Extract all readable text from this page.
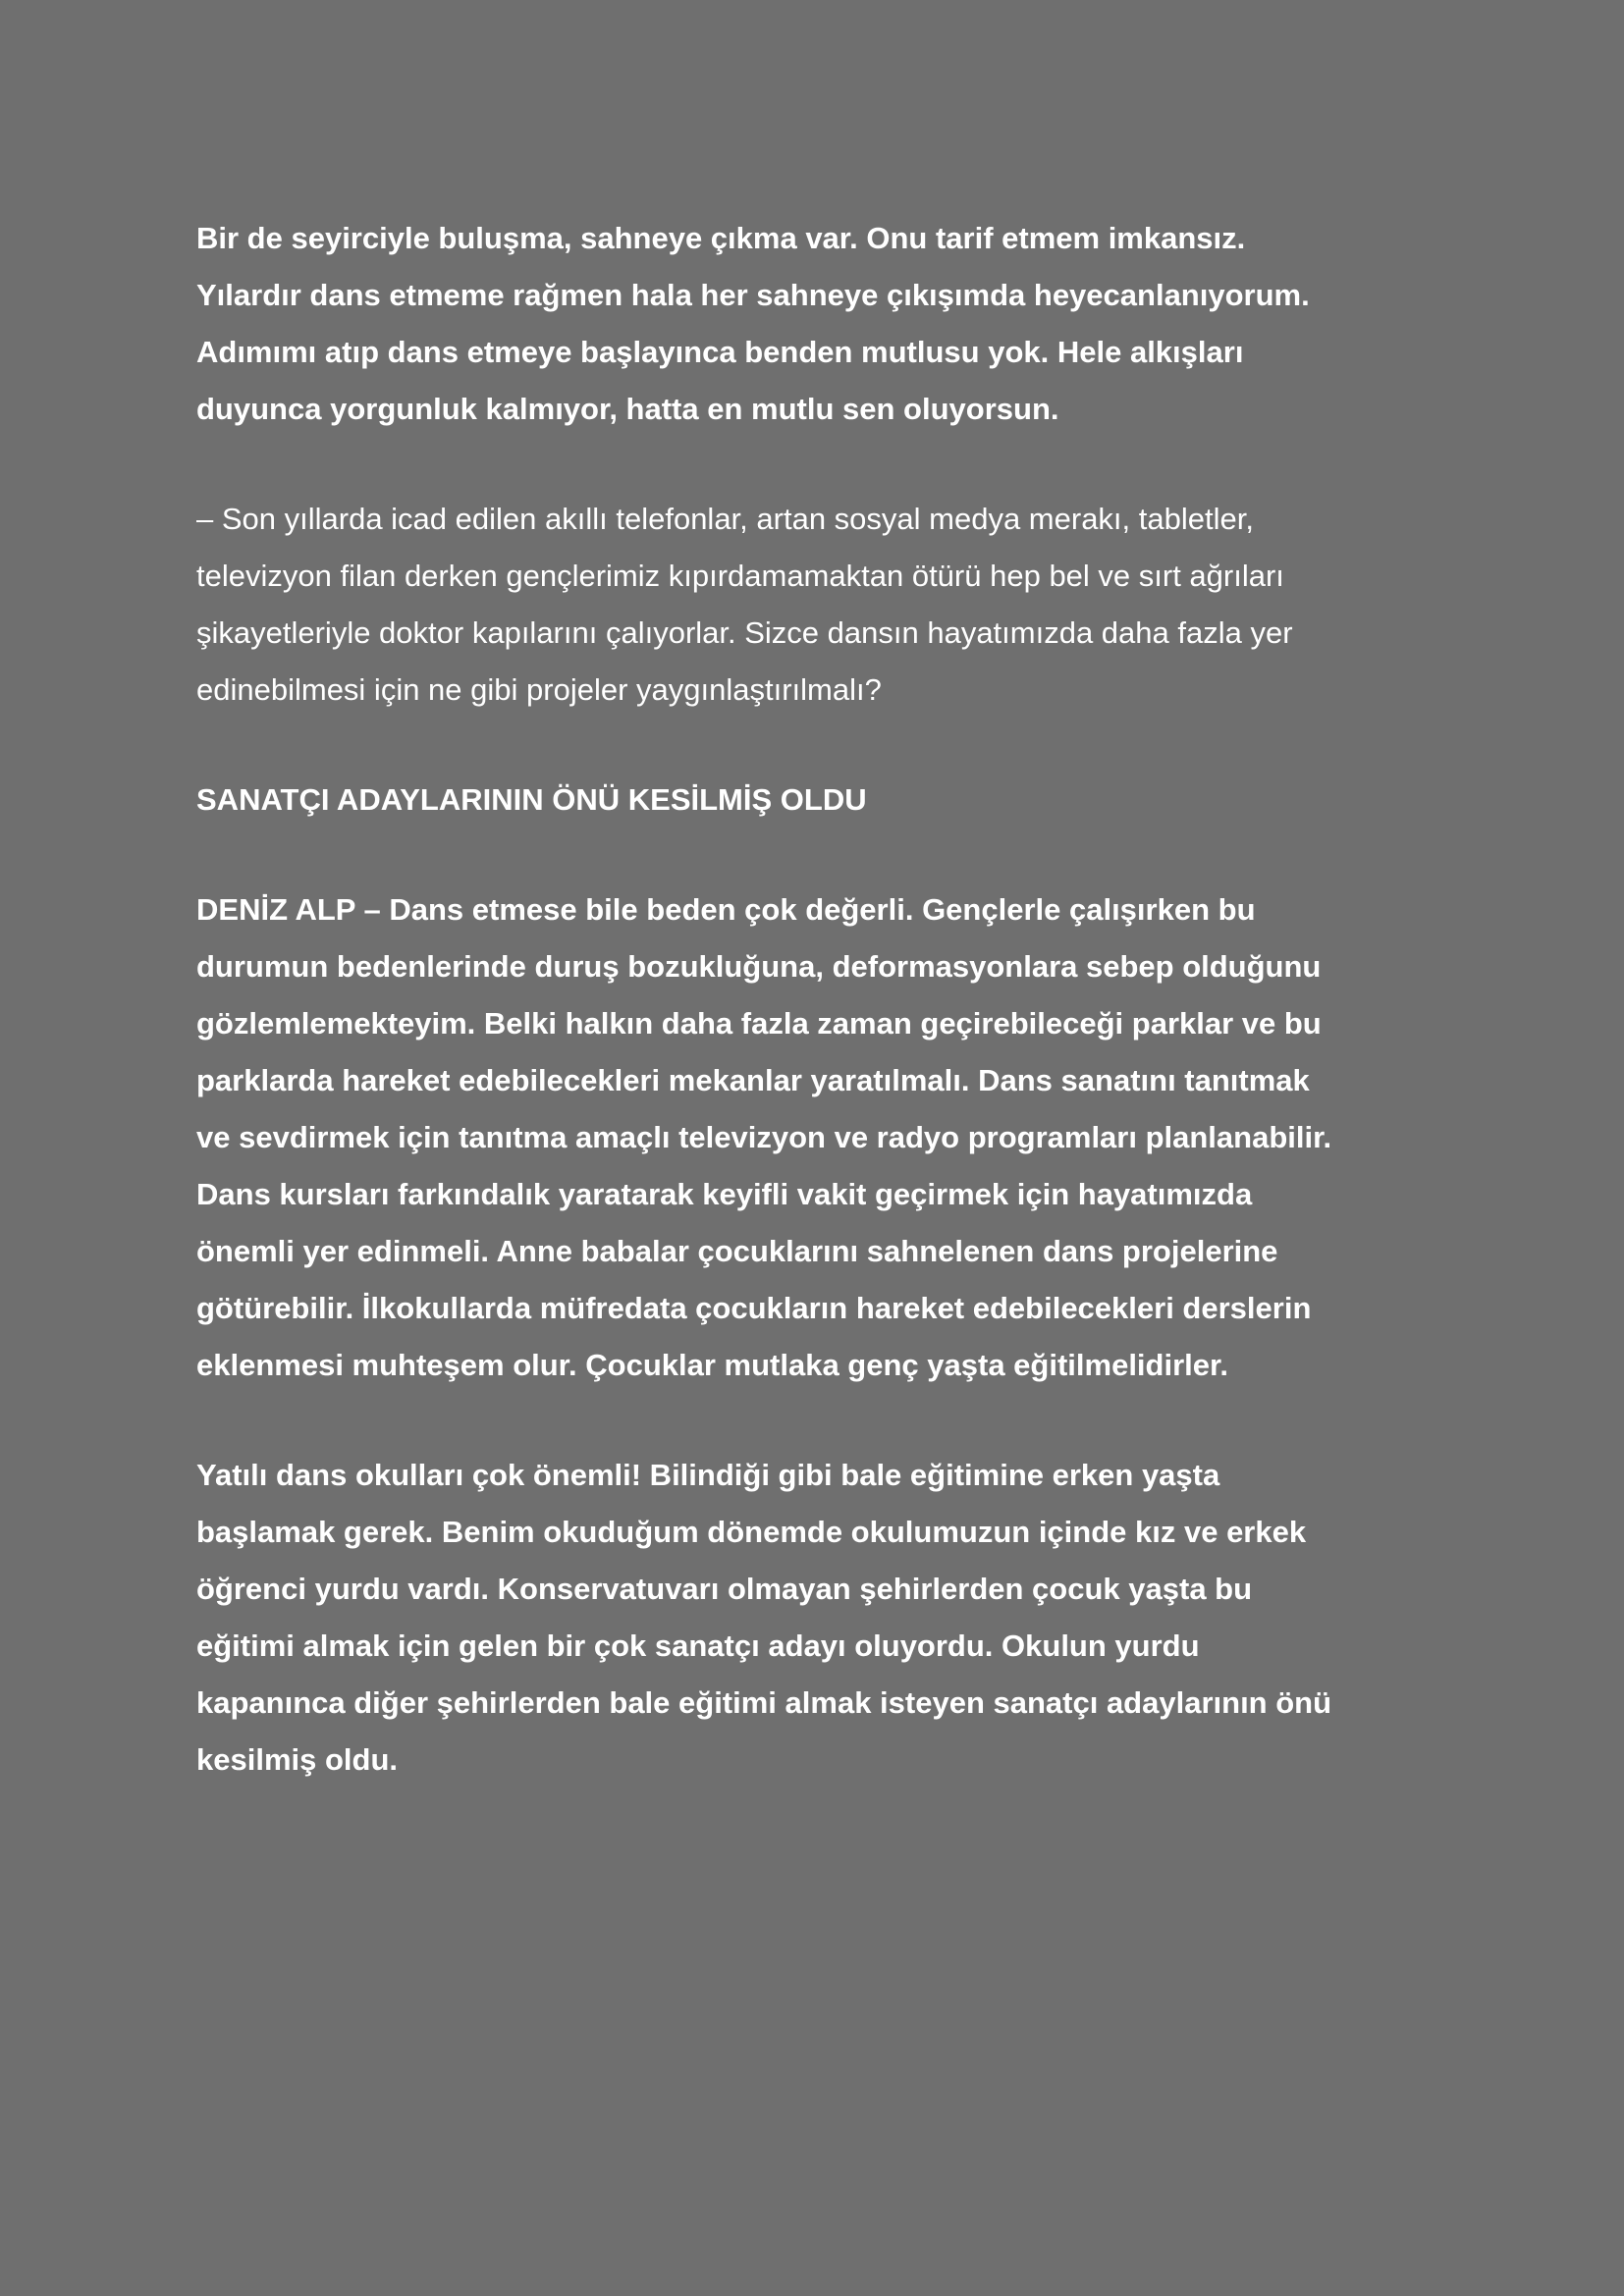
Bir de seyirciyle buluşma, sahneye çıkma var. Onu tarif etmem imkansız.
Yılardır dans etmeme rağmen hala her sahneye çıkışımda heyecanlanıyorum.
Adımımı atıp dans etmeye başlayınca benden mutlusu yok. Hele alkışları
duyunca yorgunluk kalmıyor, hatta en mutlu sen oluyorsun.

– Son yıllarda icad edilen akıllı telefonlar, artan sosyal medya merakı, tabletler,
televizyon filan derken gençlerimiz kıpırdamamaktan ötürü hep bel ve sırt ağrıları
şikayetleriyle doktor kapılarını çalıyorlar. Sizce dansın hayatımızda daha fazla yer
edinebilmesi için ne gibi projeler yaygınlaştırılmalı?

SANATÇI ADAYLARININ ÖNÜ KESİLMİŞ OLDU

DENİZ ALP – Dans etmese bile beden çok değerli. Gençlerle çalışırken bu
durumun bedenlerinde duruş bozukluğuna, deformasyonlara sebep olduğunu
gözlemlemekteyim. Belki halkın daha fazla zaman geçirebileceği parklar ve bu
parklarda hareket edebilecekleri mekanlar yaratılmalı. Dans sanatını tanıtmak
ve sevdirmek için tanıtma amaçlı televizyon ve radyo programları planlanabilir.
Dans kursları farkındalık yaratarak keyifli vakit geçirmek için hayatımızda
önemli yer edinmeli. Anne babalar çocuklarını sahnelenen dans projelerine
götürebilir. İlkokullarda müfredata çocukların hareket edebilecekleri derslerin
eklenmesi muhteşem olur. Çocuklar mutlaka genç yaşta eğitilmelidirler.

Yatılı dans okulları çok önemli! Bilindiği gibi bale eğitimine erken yaşta
başlamak gerek. Benim okuduğum dönemde okulumuzun içinde kız ve erkek
öğrenci yurdu vardı. Konservatuvarı olmayan şehirlerden çocuk yaşta bu
eğitimi almak için gelen bir çok sanatçı adayı oluyordu. Okulun yurdu
kapanınca diğer şehirlerden bale eğitimi almak isteyen sanatçı adaylarının önü
kesilmiş oldu.
